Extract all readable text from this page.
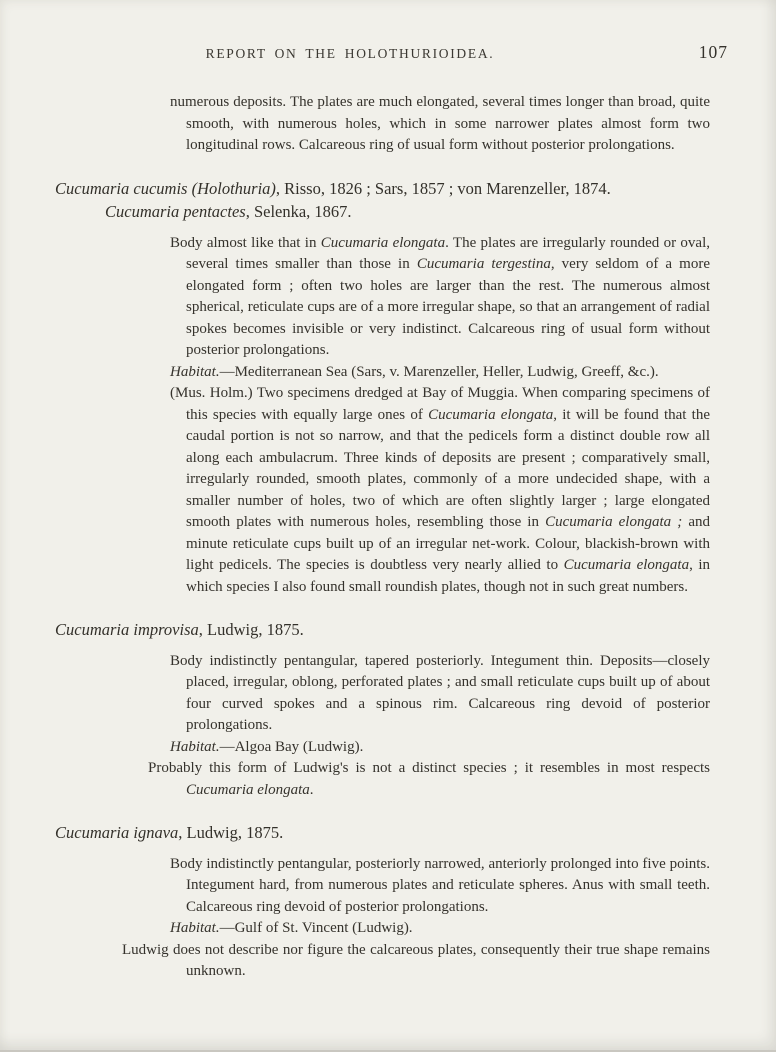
REPORT ON THE HOLOTHURIOIDEA.	107

numerous deposits. The plates are much elongated, several times longer than broad, quite smooth, with numerous holes, which in some narrower plates almost form two longitudinal rows. Calcareous ring of usual form without posterior prolongations.

Cucumaria cucumis (Holothuria), Risso, 1826 ; Sars, 1857 ; von Marenzeller, 1874.

Cucumaria pentactes, Selenka, 1867.

Body almost like that in Cucumaria elongata. The plates are irregularly rounded or oval, several times smaller than those in Cucumaria tergestina, very seldom of a more elongated form ; often two holes are larger than the rest. The numerous almost spherical, reticulate cups are of a more irregular shape, so that an arrangement of radial spokes becomes invisible or very indistinct. Calcareous ring of usual form without posterior prolongations.

Habitat.—Mediterranean Sea (Sars, v. Marenzeller, Heller, Ludwig, Greeff, &c.).

(Mus. Holm.) Two specimens dredged at Bay of Muggia. When comparing specimens of this species with equally large ones of Cucumaria elongata, it will be found that the caudal portion is not so narrow, and that the pedicels form a distinct double row all along each ambulacrum. Three kinds of deposits are present ; comparatively small, irregularly rounded, smooth plates, commonly of a more undecided shape, with a smaller number of holes, two of which are often slightly larger ; large elongated smooth plates with numerous holes, resembling those in Cucumaria elongata ; and minute reticulate cups built up of an irregular net-work. Colour, blackish-brown with light pedicels. The species is doubtless very nearly allied to Cucumaria elongata, in which species I also found small roundish plates, though not in such great numbers.

Cucumaria improvisa, Ludwig, 1875.

Body indistinctly pentangular, tapered posteriorly. Integument thin. Deposits—closely placed, irregular, oblong, perforated plates ; and small reticulate cups built up of about four curved spokes and a spinous rim. Calcareous ring devoid of posterior prolongations.

Habitat.—Algoa Bay (Ludwig).

Probably this form of Ludwig's is not a distinct species ; it resembles in most respects Cucumaria elongata.

Cucumaria ignava, Ludwig, 1875.

Body indistinctly pentangular, posteriorly narrowed, anteriorly prolonged into five points. Integument hard, from numerous plates and reticulate spheres. Anus with small teeth. Calcareous ring devoid of posterior prolongations.

Habitat.—Gulf of St. Vincent (Ludwig).

Ludwig does not describe nor figure the calcareous plates, consequently their true shape remains unknown.
